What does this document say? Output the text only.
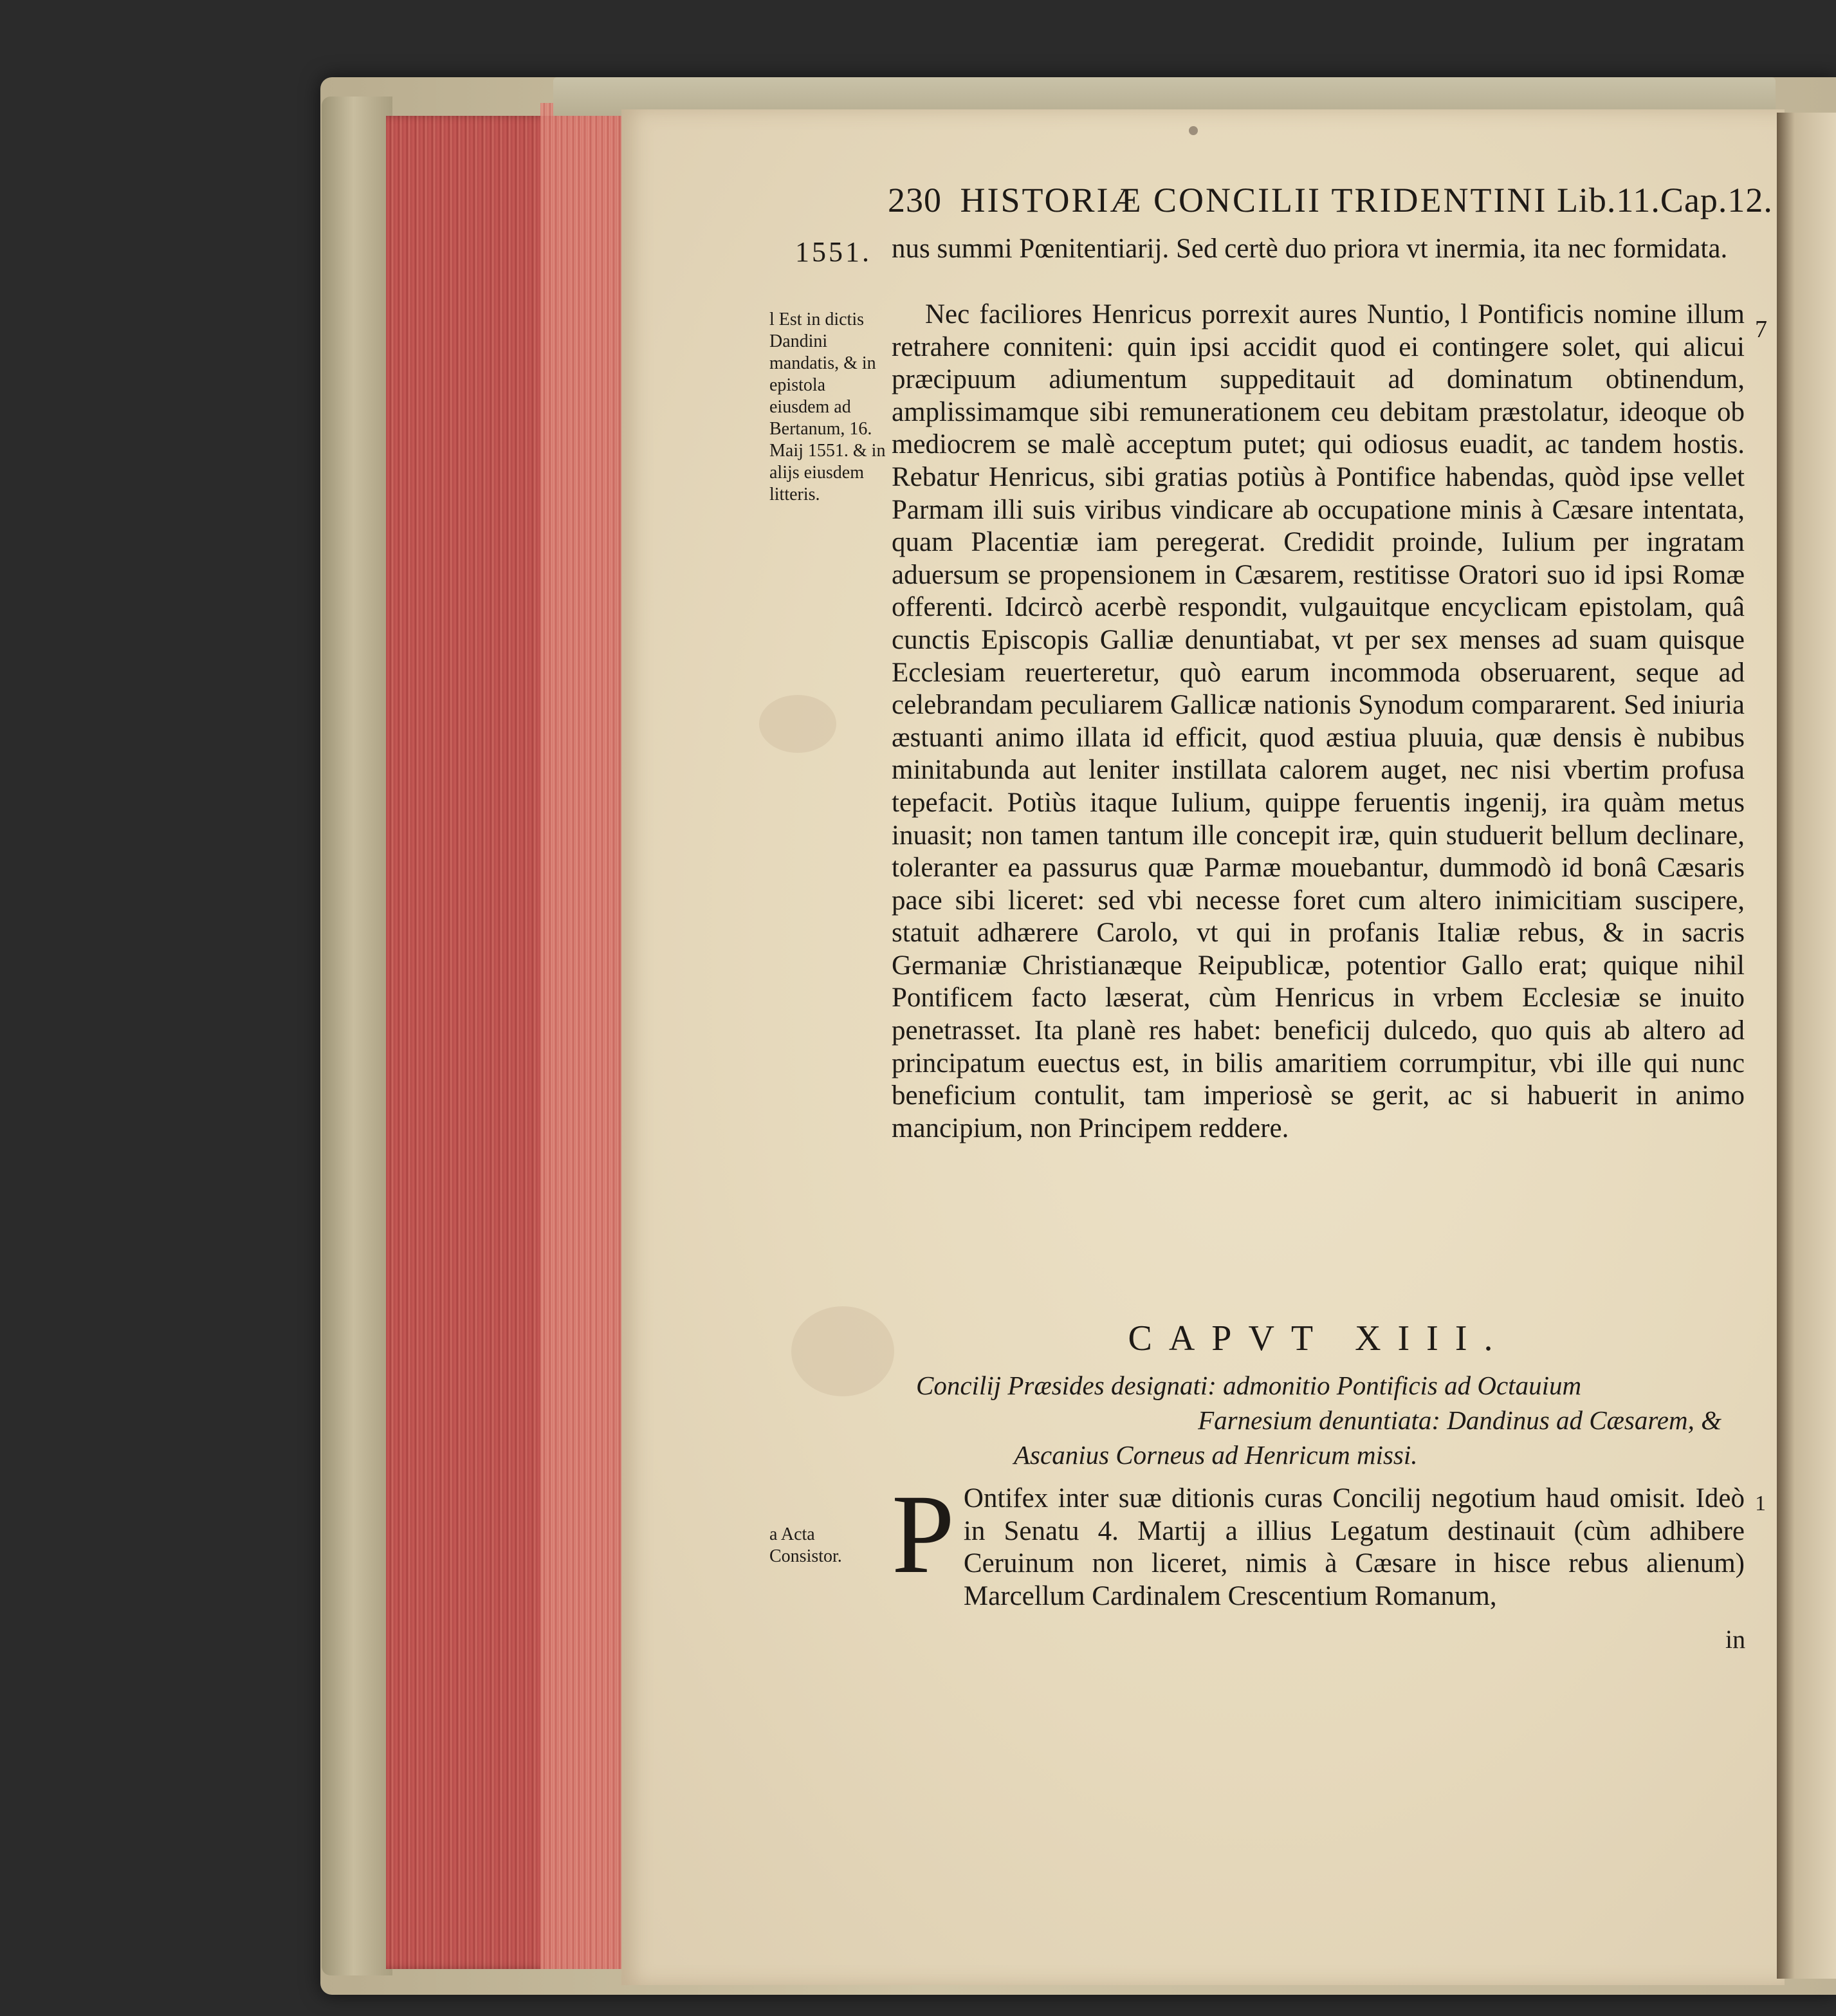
230 HISTORIÆ CONCILII TRIDENTINI Lib.11.Cap.12.
1551.

l Est in dictis Dandini mandatis, & in epistola eiusdem ad Bertanum, 16. Maij 1551. & in alijs eiusdem litteris.

a Acta Consistor.

7
1

nus summi Pœnitentiarij. Sed certè duo priora vt inermia, ita nec formidata.

Nec faciliores Henricus porrexit aures Nuntio, l Pontificis nomine illum retrahere conniteni: quin ipsi accidit quod ei contingere solet, qui alicui præcipuum adiumentum suppeditauit ad dominatum obtinendum, amplissimamque sibi remunerationem ceu debitam præstolatur, ideoque ob mediocrem se malè acceptum putet; qui odiosus euadit, ac tandem hostis. Rebatur Henricus, sibi gratias potiùs à Pontifice habendas, quòd ipse vellet Parmam illi suis viribus vindicare ab occupatione minis à Cæsare intentata, quam Placentiæ iam peregerat. Credidit proinde, Iulium per ingratam aduersum se propensionem in Cæsarem, restitisse Oratori suo id ipsi Romæ offerenti. Idcircò acerbè respondit, vulgauitque encyclicam epistolam, quâ cunctis Episcopis Galliæ denuntiabat, vt per sex menses ad suam quisque Ecclesiam reuerteretur, quò earum incommoda obseruarent, seque ad celebrandam peculiarem Gallicæ nationis Synodum compararent. Sed iniuria æstuanti animo illata id efficit, quod æstiua pluuia, quæ densis è nubibus minitabunda aut leniter instillata calorem auget, nec nisi vbertim profusa tepefacit. Potiùs itaque Iulium, quippe feruentis ingenij, ira quàm metus inuasit; non tamen tantum ille concepit iræ, quin studuerit bellum declinare, toleranter ea passurus quæ Parmæ mouebantur, dummodò id bonâ Cæsaris pace sibi liceret: sed vbi necesse foret cum altero inimicitiam suscipere, statuit adhærere Carolo, vt qui in profanis Italiæ rebus, & in sacris Germaniæ Christianæque Reipublicæ, potentior Gallo erat; quique nihil Pontificem facto læserat, cùm Henricus in vrbem Ecclesiæ se inuito penetrasset. Ita planè res habet: beneficij dulcedo, quo quis ab altero ad principatum euectus est, in bilis amaritiem corrumpitur, vbi ille qui nunc beneficium contulit, tam imperiosè se gerit, ac si habuerit in animo mancipium, non Principem reddere.

CAPVT XIII.
Concilij Præsides designati: admonitio Pontificis ad Octauium
Farnesium denuntiata: Dandinus ad Cæsarem, &
Ascanius Corneus ad Henricum missi.

P Ontifex inter suæ ditionis curas Concilij negotium haud omisit. Ideò in Senatu 4. Martij a illius Legatum destinauit (cùm adhibere Ceruinum non liceret, nimis à Cæsare in hisce rebus alienum) Marcellum Cardinalem Crescentium Romanum,

in
